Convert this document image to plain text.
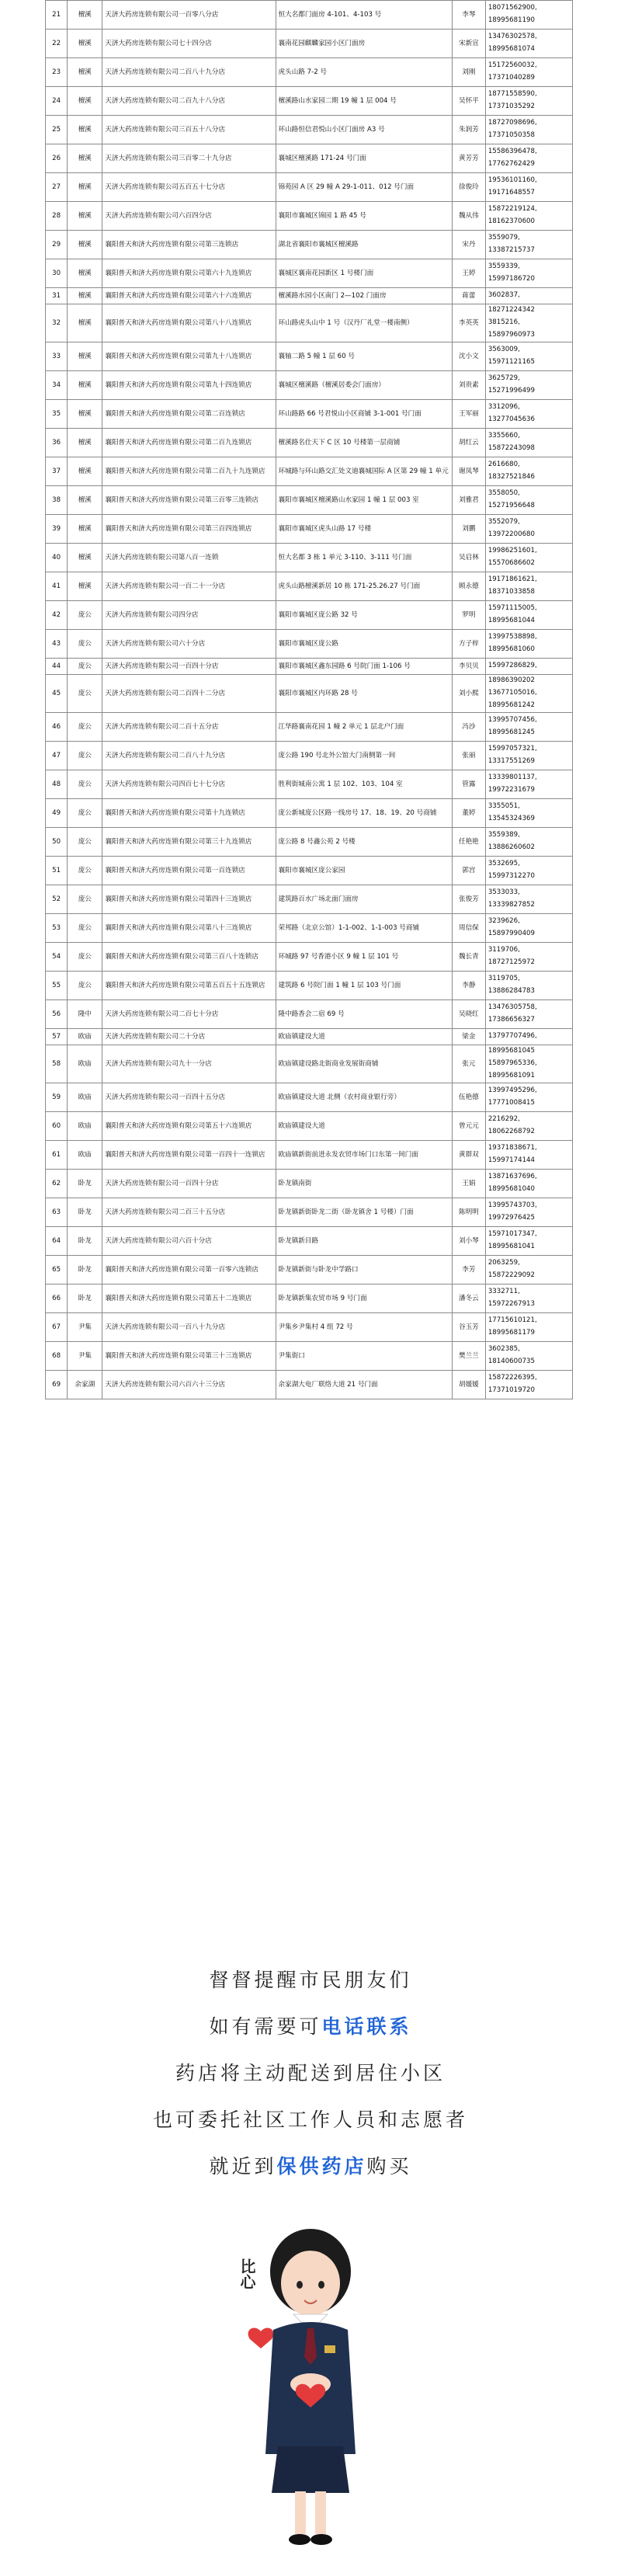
21	檀溪	天济大药房连锁有限公司一百零八分店	恒大名都门面房 4-101、4-103 号	李琴	18071562900,
18995681190

22	檀溪	天济大药房连锁有限公司七十四分店	襄南花园麒麟家园小区门面房	宋新宣	13476302578,
18995681074

23	檀溪	天济大药房连锁有限公司二百八十九分店	虎头山路 7-2 号	刘刚	15172560032,
17371040289

24	檀溪	天济大药房连锁有限公司二百九十八分店	檀溪路山水家园二期 19 幢 1 层 004 号	吴怀平	18771558590,
17371035292

25	檀溪	天济大药房连锁有限公司三百五十八分店	环山路恒信君悦山小区门面房 A3 号	朱润芳	18727098696,
17371050358

26	檀溪	天济大药房连锁有限公司三百零二十九分店	襄城区檀溪路 171-24 号门面	黄芳芳	15586396478,
17762762429

27	檀溪	天济大药房连锁有限公司五百五十七分店	锦苑园 A 区 29 幢 A 29-1-011、012 号门面	徐俊玲	19536101160,
19171648557

28	檀溪	天济大药房连锁有限公司六百四分店	襄阳市襄城区锦园 1 路 45 号	魏从伟	15872219124,
18162370600

29	檀溪	襄阳普天和济大药房连锁有限公司第三连锁店	湖北省襄阳市襄城区檀溪路	宋丹	3559079,
13387215737

30	檀溪	襄阳普天和济大药房连锁有限公司第六十九连锁店	襄城区襄南花园新区 1 号楼门面	王婷	3559339,
15997186720

31	檀溪	襄阳普天和济大药房连锁有限公司第六十六连锁店	檀溪路水园小区南门 2—102 门面房	蒋蕾	3602837,

32	檀溪	襄阳普天和济大药房连锁有限公司第八十八连锁店	环山路虎头山中 1 号（汉丹厂礼堂一楼南侧）	李英英	18271224342
3815216,
15897960973

33	檀溪	襄阳普天和济大药房连锁有限公司第九十八连锁店	襄轴二路 5 幢 1 层 60 号	沈小文	3563009,
15971121165

34	檀溪	襄阳普天和济大药房连锁有限公司第九十四连锁店	襄城区檀溪路（檀溪居委会门面房）	刘贵素	3625729,
15271996499

35	檀溪	襄阳普天和济大药房连锁有限公司第二百连锁店	环山路路 66 号君悦山小区商铺 3-1-001 号门面	王军丽	3312096,
13277045636

36	檀溪	襄阳普天和济大药房连锁有限公司第二百九连锁店	檀溪路名仕天下 C 区 10 号楼第一层商铺	胡红云	3355660,
15872243098

37	檀溪	襄阳普天和济大药房连锁有限公司第二百九十九连锁店	环城路与环山路交汇处文迪襄城国际 A 区第 29 幢 1 单元	谢凤琴	2616680,
18327521846

38	檀溪	襄阳普天和济大药房连锁有限公司第三百零三连锁店	襄阳市襄城区檀溪路山水家园 1 幢 1 层 003 室	刘雅君	3558050,
15271956648

39	檀溪	襄阳普天和济大药房连锁有限公司第三百四连锁店	襄阳市襄城区虎头山路 17 号楼	刘鹏	3552079,
13972200680

40	檀溪	天济大药房连锁有限公司第八百一连锁	恒大名都 3 栋 1 单元 3-110、3-111 号门面	吴启林	19986251601,
15570686602

41	檀溪	天济大药房连锁有限公司一百二十一分店	虎头山路檀溪新居 10 栋 171-25.26.27 号门面	顾永德	19171861621,
18371033858

42	庞公	天济大药房连锁有限公司四分店	襄阳市襄城区庞公路 32 号	罗明	15971115005,
18995681044

43	庞公	天济大药房连锁有限公司六十分店	襄阳市襄城区庞公路	方子梓	13997538898,
18995681060

44	庞公	天济大药房连锁有限公司一百四十分店	襄阳市襄城区鑫东园路 6 号院门面 1-106 号	李贝贝	15997286829,

45	庞公	天济大药房连锁有限公司二百四十二分店	襄阳市襄城区内环路 28 号	刘小熙	18986390202
13677105016,
18995681242

46	庞公	天济大药房连锁有限公司二百十五分店	江华路襄南花园 1 幢 2 单元 1 层北户门面	冯沙	13995707456,
18995681245

47	庞公	天济大药房连锁有限公司二百八十九分店	庞公路 190 号北外公馆大门南侧第一间	张丽	15997057321,
13317551269

48	庞公	天济大药房连锁有限公司四百七十七分店	胜利街城南公寓 1 层 102、103、104 室	管露	13339801137,
19972231679

49	庞公	襄阳普天和济大药房连锁有限公司第十九连锁店	庞公新城庞公区路一线房号 17、18、19、20 号商铺	董婷	3355051,
13545324369

50	庞公	襄阳普天和济大药房连锁有限公司第三十九连锁店	庞公路 8 号鑫公苑 2 号楼	任艳艳	3559389,
13886260602

51	庞公	襄阳普天和济大药房连锁有限公司第一百连锁店	襄阳市襄城区庞公家园	郭宫	3532695,
15997312270

52	庞公	襄阳普天和济大药房连锁有限公司第四十三连锁店	建筑路百水广场北面门面房	张俊芳	3533033,
13339827852

53	庞公	襄阳普天和济大药房连锁有限公司第八十三连锁店	荣邦路（北京公馆）1-1-002、1-1-003 号商铺	周信保	3239626,
15897990409

54	庞公	襄阳普天和济大药房连锁有限公司第三百八十连锁店	环城路 97 号香港小区 9 幢 1 层 101 号	魏长青	3119706,
18727125972

55	庞公	襄阳普天和济大药房连锁有限公司第五百五十五连锁店	建筑路 6 号院门面 1 幢 1 层 103 号门面	李静	3119705,
13886284783

56	隆中	天济大药房连锁有限公司二百七十分店	隆中路香会二宿 69 号	吴晓红	13476305758,
17386656327

57	欧庙	天济大药房连锁有限公司二十分店	欧庙镇建设大道	梁金	13797707496,

58	欧庙	天济大药房连锁有限公司九十一分店	欧庙镇建设路北街商业发展街商铺	张元	18995681045
15897965336,
18995681091

59	欧庙	天济大药房连锁有限公司一百四十五分店	欧庙镇建设大道 北侧（农村商业银行旁）	伍艳德	13997495296,
17771008415

60	欧庙	襄阳普天和济大药房连锁有限公司第五十六连锁店	欧庙镇建设大道	曾元元	2216292,
18062268792

61	欧庙	襄阳普天和济大药房连锁有限公司第一百四十一连锁店	欧庙镇新街前进永发农贸市场门口东第一间门面	黄群双	19371838671,
15997174144

62	卧龙	天济大药房连锁有限公司一百四十分店	卧龙镇南街	王娟	13871637696,
18995681040

63	卧龙	天济大药房连锁有限公司二百三十五分店	卧龙镇新街卧龙二街（卧龙镇舍 1 号楼）门面	陈明明	13995743703,
19972976425

64	卧龙	天济大药房连锁有限公司六百十分店	卧龙镇新目路	刘小琴	15971017347,
18995681041

65	卧龙	襄阳普天和济大药房连锁有限公司第一百零六连锁店	卧龙镇新街与卧龙中学路口	李芳	2063259,
15872229092

66	卧龙	襄阳普天和济大药房连锁有限公司第五十二连锁店	卧龙镇新集农贸市场 9 号门面	潘冬云	3332711,
15972267913

67	尹集	天济大药房连锁有限公司一百八十九分店	尹集乡尹集村 4 组 72 号	谷玉芳	17715610121,
18995681179

68	尹集	襄阳普天和济大药房连锁有限公司第三十三连锁店	尹集街口	樊兰兰	3602385,
18140600735

69	余家湖	天济大药房连锁有限公司六百六十三分店	余家湖大电厂联络大道 21 号门面	胡媛媛	15872226395,
17371019720
督督提醒市民朋友们
如有需要可电话联系
药店将主动配送到居住小区
也可委托社区工作人员和志愿者
就近到保供药店购买
比心
